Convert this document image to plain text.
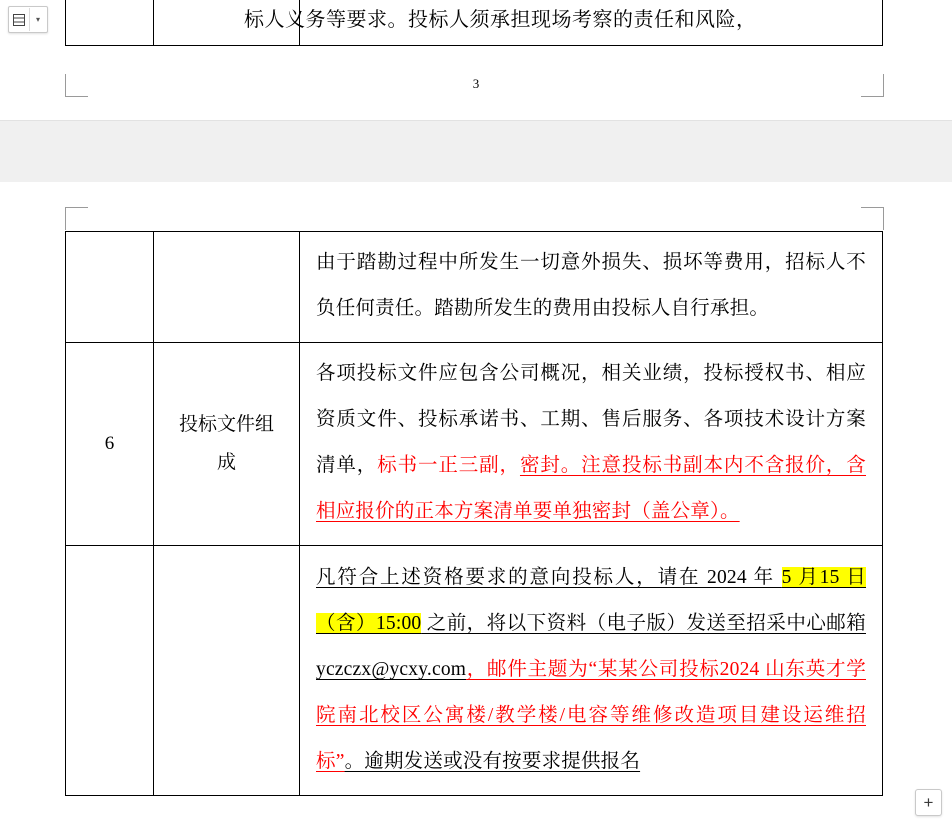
标人义务等要求。投标人须承担现场考察的责任和风险，
3
由于踏勘过程中所发生一切意外损失、损坏等费用，招标人不负任何责任。踏勘所发生的费用由投标人自行承担。
6
投标文件组成
各项投标文件应包含公司概况，相关业绩，投标授权书、相应资质文件、投标承诺书、工期、售后服务、各项技术设计方案清单，标书一正三副，密封。注意投标书副本内不含报价，含相应报价的正本方案清单要单独密封（盖公章）。
凡符合上述资格要求的意向投标人，请在 2024 年 5 月15 日（含）15:00 之前，将以下资料（电子版）发送至招采中心邮箱 yczczx@ycxy.com，邮件主题为“某某公司投标2024 山东英才学院南北校区公寓楼/教学楼/电容等维修改造项目建设运维招标”。逾期发送或没有按要求提供报名
▾
+
